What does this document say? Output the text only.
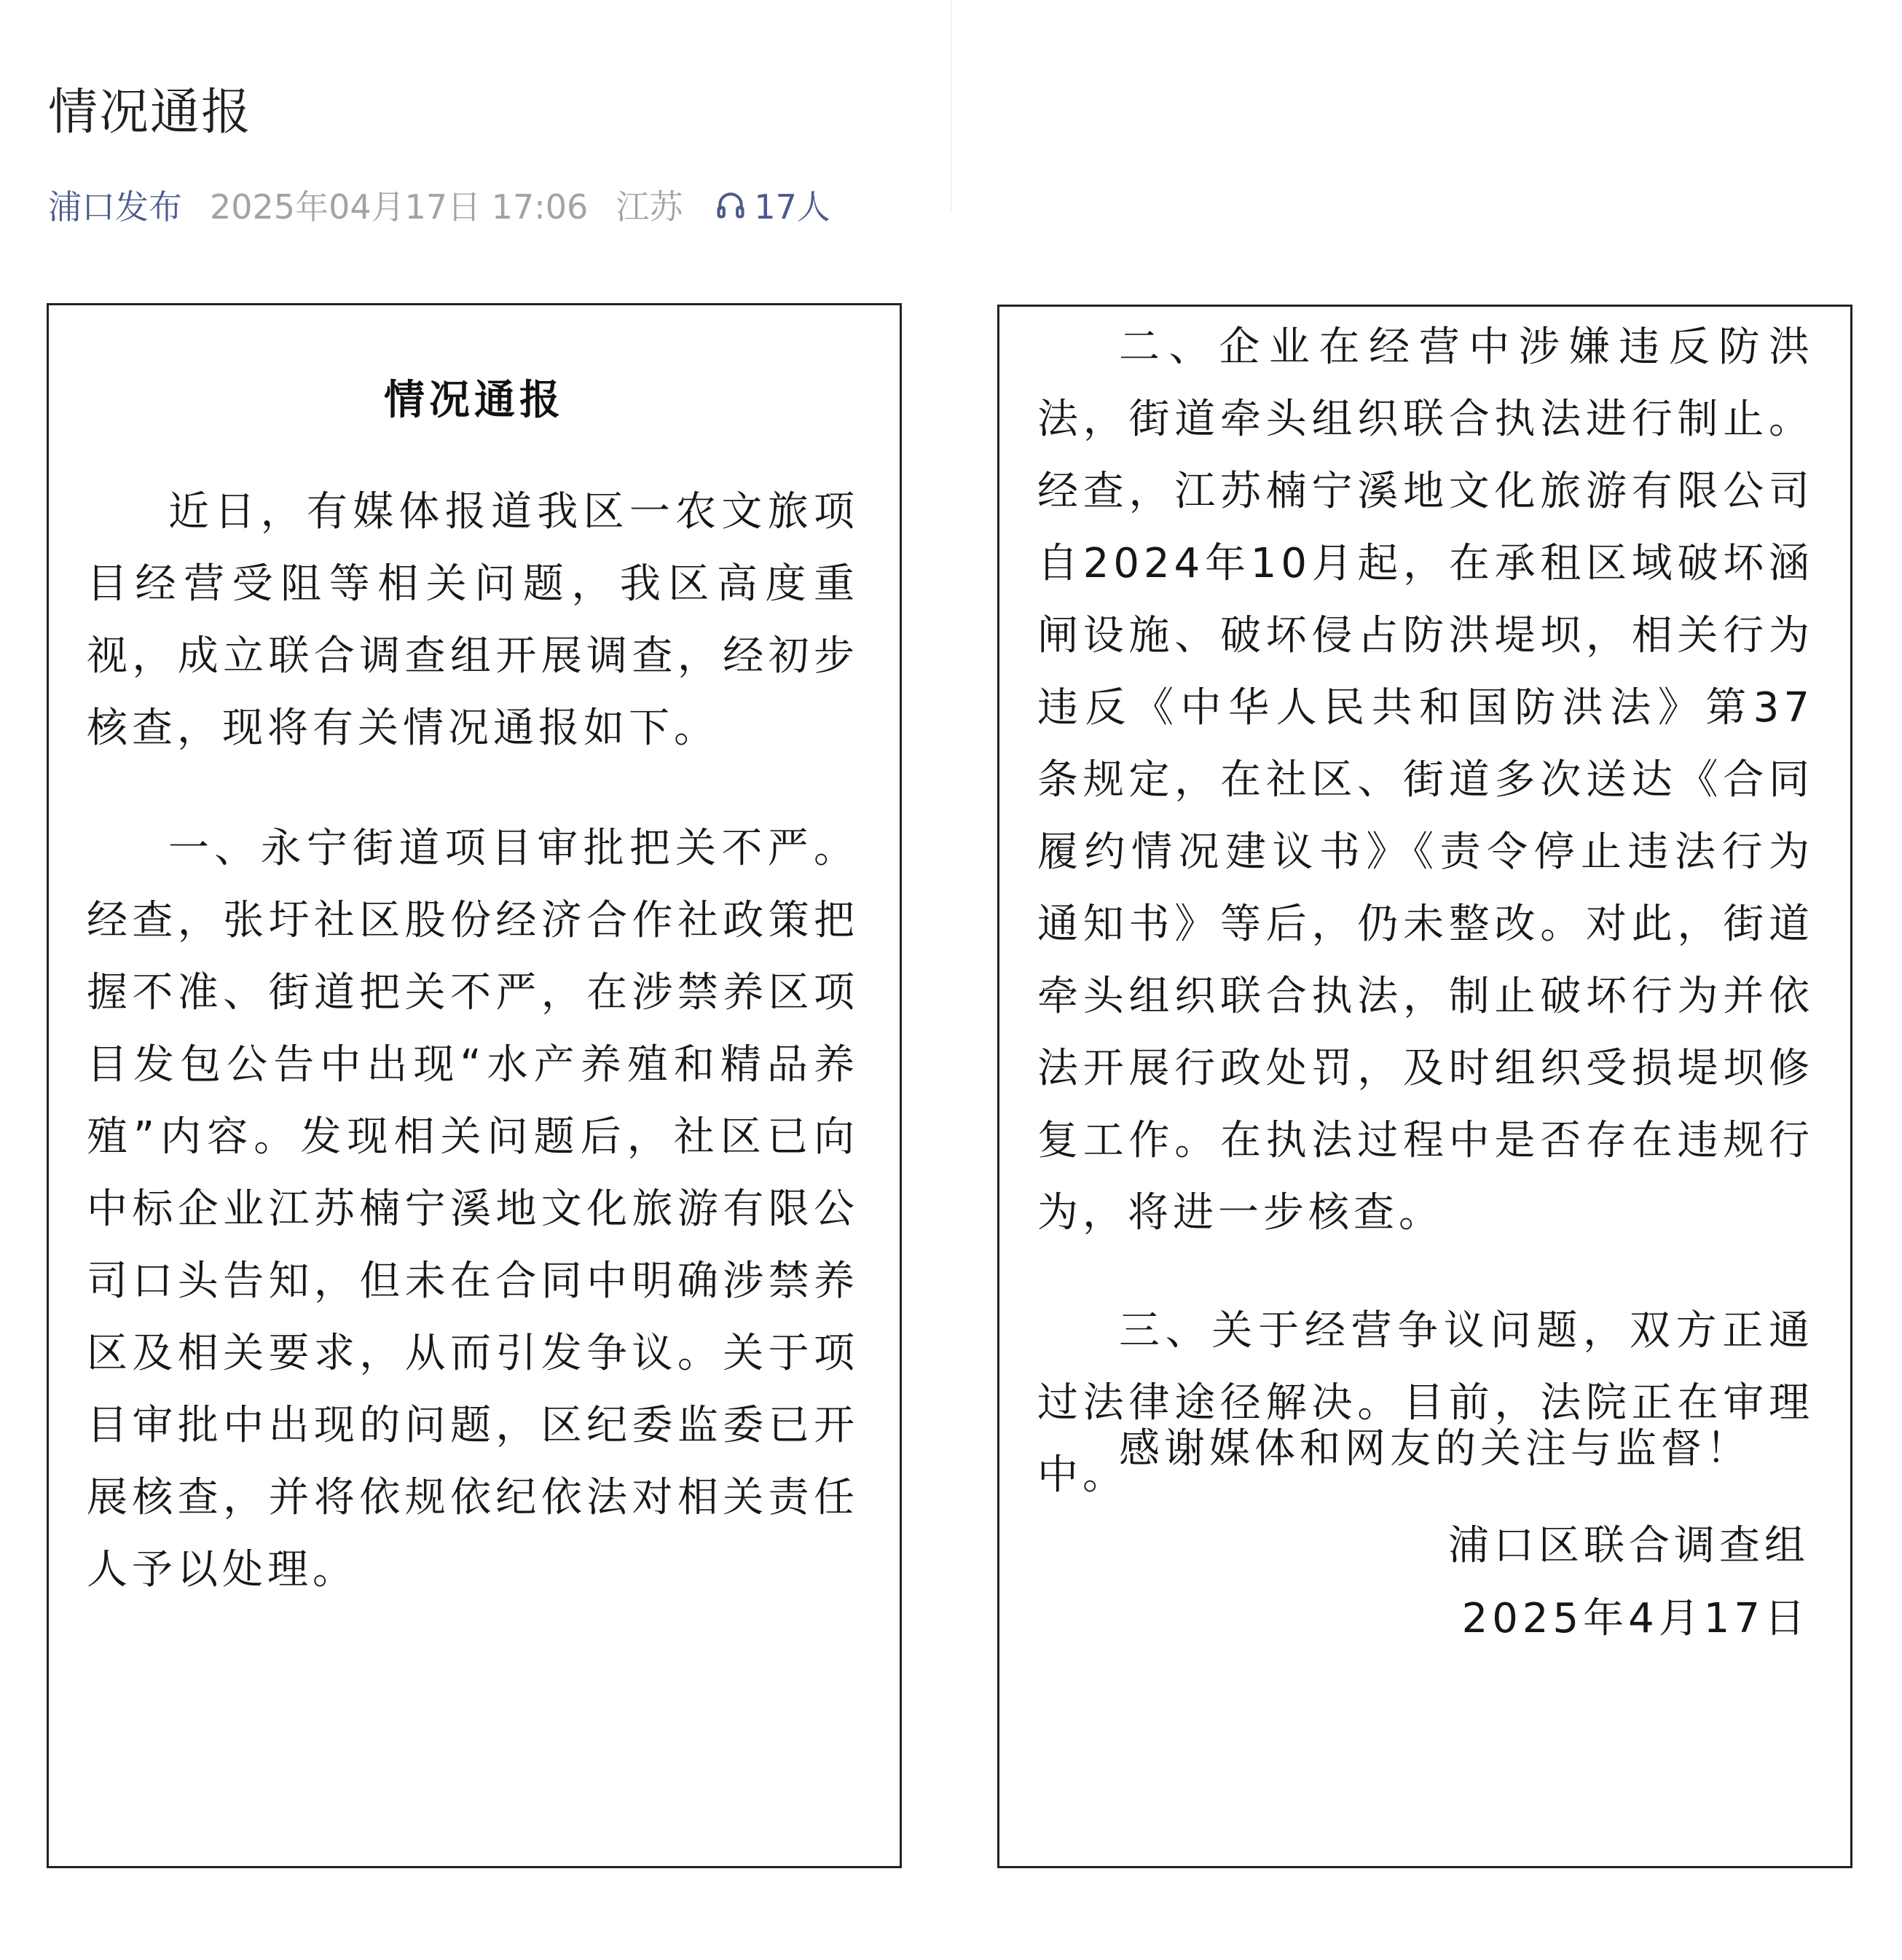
情况通报
浦口发布 2025年04月17日 17:06 江苏 17人
情况通报

近日，有媒体报道我区一农文旅项目经营受阻等相关问题，我区高度重视，成立联合调查组开展调查，经初步核查，现将有关情况通报如下。

一、永宁街道项目审批把关不严。经查，张圩社区股份经济合作社政策把握不准、街道把关不严，在涉禁养区项目发包公告中出现“水产养殖和精品养殖”内容。发现相关问题后，社区已向中标企业江苏楠宁溪地文化旅游有限公司口头告知，但未在合同中明确涉禁养区及相关要求，从而引发争议。关于项目审批中出现的问题，区纪委监委已开展核查，并将依规依纪依法对相关责任人予以处理。

二、企业在经营中涉嫌违反防洪法，街道牵头组织联合执法进行制止。经查，江苏楠宁溪地文化旅游有限公司自2024年10月起，在承租区域破坏涵闸设施、破坏侵占防洪堤坝，相关行为违反《中华人民共和国防洪法》第37条规定，在社区、街道多次送达《合同履约情况建议书》《责令停止违法行为通知书》等后，仍未整改。对此，街道牵头组织联合执法，制止破坏行为并依法开展行政处罚，及时组织受损堤坝修复工作。在执法过程中是否存在违规行为，将进一步核查。

三、关于经营争议问题，双方正通过法律途径解决。目前，法院正在审理中。

感谢媒体和网友的关注与监督！

浦口区联合调查组
2025年4月17日
